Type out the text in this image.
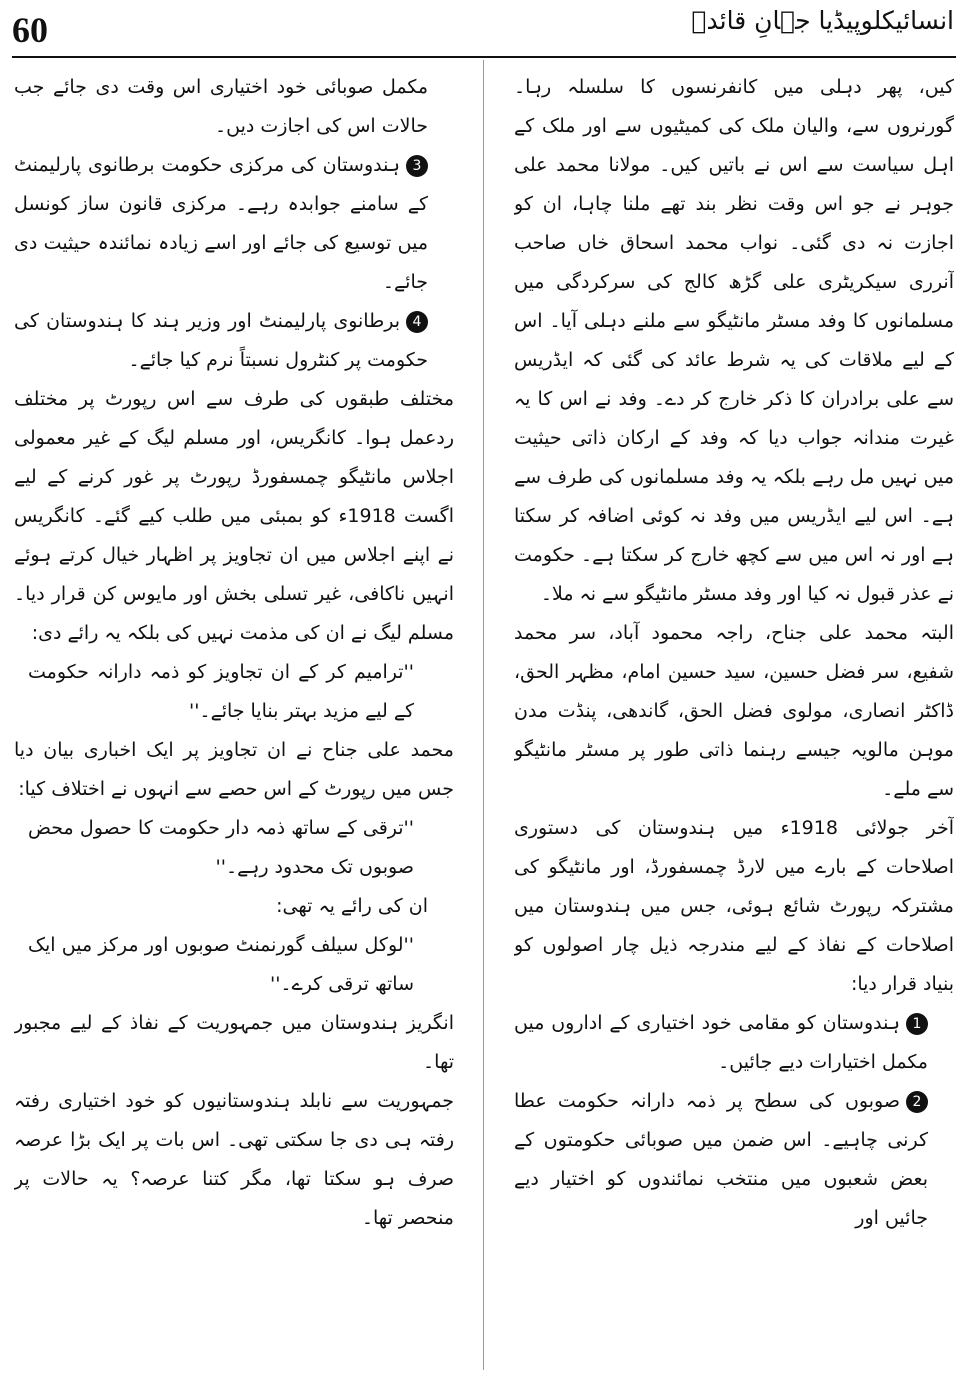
60	انسائیکلوپیڈیا جہانِ قائدؒ

کیں، پھر دہلی میں کانفرنسوں کا سلسلہ رہا۔ گورنروں سے، والیان ملک کی کمیٹیوں سے اور ملک کے اہل سیاست سے اس نے باتیں کیں۔ مولانا محمد علی جوہر نے جو اس وقت نظر بند تھے ملنا چاہا، ان کو اجازت نہ دی گئی۔ نواب محمد اسحاق خاں صاحب آنرری سیکریٹری علی گڑھ کالج کی سرکردگی میں مسلمانوں کا وفد مسٹر مانٹیگو سے ملنے دہلی آیا۔ اس کے لیے ملاقات کی یہ شرط عائد کی گئی کہ ایڈریس سے علی برادران کا ذکر خارج کر دے۔ وفد نے اس کا یہ غیرت مندانہ جواب دیا کہ وفد کے ارکان ذاتی حیثیت میں نہیں مل رہے بلکہ یہ وفد مسلمانوں کی طرف سے ہے۔ اس لیے ایڈریس میں وفد نہ کوئی اضافہ کر سکتا ہے اور نہ اس میں سے کچھ خارج کر سکتا ہے۔ حکومت نے عذر قبول نہ کیا اور وفد مسٹر مانٹیگو سے نہ ملا۔

البتہ محمد علی جناح، راجہ محمود آباد، سر محمد شفیع، سر فضل حسین، سید حسین امام، مظہر الحق، ڈاکٹر انصاری، مولوی فضل الحق، گاندھی، پنڈت مدن موہن مالویہ جیسے رہنما ذاتی طور پر مسٹر مانٹیگو سے ملے۔

آخر جولائی 1918ء میں ہندوستان کی دستوری اصلاحات کے بارے میں لارڈ چمسفورڈ، اور مانٹیگو کی مشترکہ رپورٹ شائع ہوئی، جس میں ہندوستان میں اصلاحات کے نفاذ کے لیے مندرجہ ذیل چار اصولوں کو بنیاد قرار دیا:

1ہندوستان کو مقامی خود اختیاری کے اداروں میں مکمل اختیارات دیے جائیں۔

2صوبوں کی سطح پر ذمہ دارانہ حکومت عطا کرنی چاہیے۔ اس ضمن میں صوبائی حکومتوں کے بعض شعبوں میں منتخب نمائندوں کو اختیار دیے جائیں اور

مکمل صوبائی خود اختیاری اس وقت دی جائے جب حالات اس کی اجازت دیں۔

3ہندوستان کی مرکزی حکومت برطانوی پارلیمنٹ کے سامنے جوابدہ رہے۔ مرکزی قانون ساز کونسل میں توسیع کی جائے اور اسے زیادہ نمائندہ حیثیت دی جائے۔

4برطانوی پارلیمنٹ اور وزیر ہند کا ہندوستان کی حکومت پر کنٹرول نسبتاً نرم کیا جائے۔

مختلف طبقوں کی طرف سے اس رپورٹ پر مختلف ردعمل ہوا۔ کانگریس، اور مسلم لیگ کے غیر معمولی اجلاس مانٹیگو چمسفورڈ رپورٹ پر غور کرنے کے لیے اگست 1918ء کو بمبئی میں طلب کیے گئے۔ کانگریس نے اپنے اجلاس میں ان تجاویز پر اظہار خیال کرتے ہوئے انہیں ناکافی، غیر تسلی بخش اور مایوس کن قرار دیا۔ مسلم لیگ نے ان کی مذمت نہیں کی بلکہ یہ رائے دی:

''ترامیم کر کے ان تجاویز کو ذمہ دارانہ حکومت کے لیے مزید بہتر بنایا جائے۔''

محمد علی جناح نے ان تجاویز پر ایک اخباری بیان دیا جس میں رپورٹ کے اس حصے سے انہوں نے اختلاف کیا:

''ترقی کے ساتھ ذمہ دار حکومت کا حصول محض صوبوں تک محدود رہے۔''

ان کی رائے یہ تھی:

''لوکل سیلف گورنمنٹ صوبوں اور مرکز میں ایک ساتھ ترقی کرے۔''

انگریز ہندوستان میں جمہوریت کے نفاذ کے لیے مجبور تھا۔

جمہوریت سے نابلد ہندوستانیوں کو خود اختیاری رفتہ رفتہ ہی دی جا سکتی تھی۔ اس بات پر ایک بڑا عرصہ صرف ہو سکتا تھا، مگر کتنا عرصہ؟ یہ حالات پر منحصر تھا۔
